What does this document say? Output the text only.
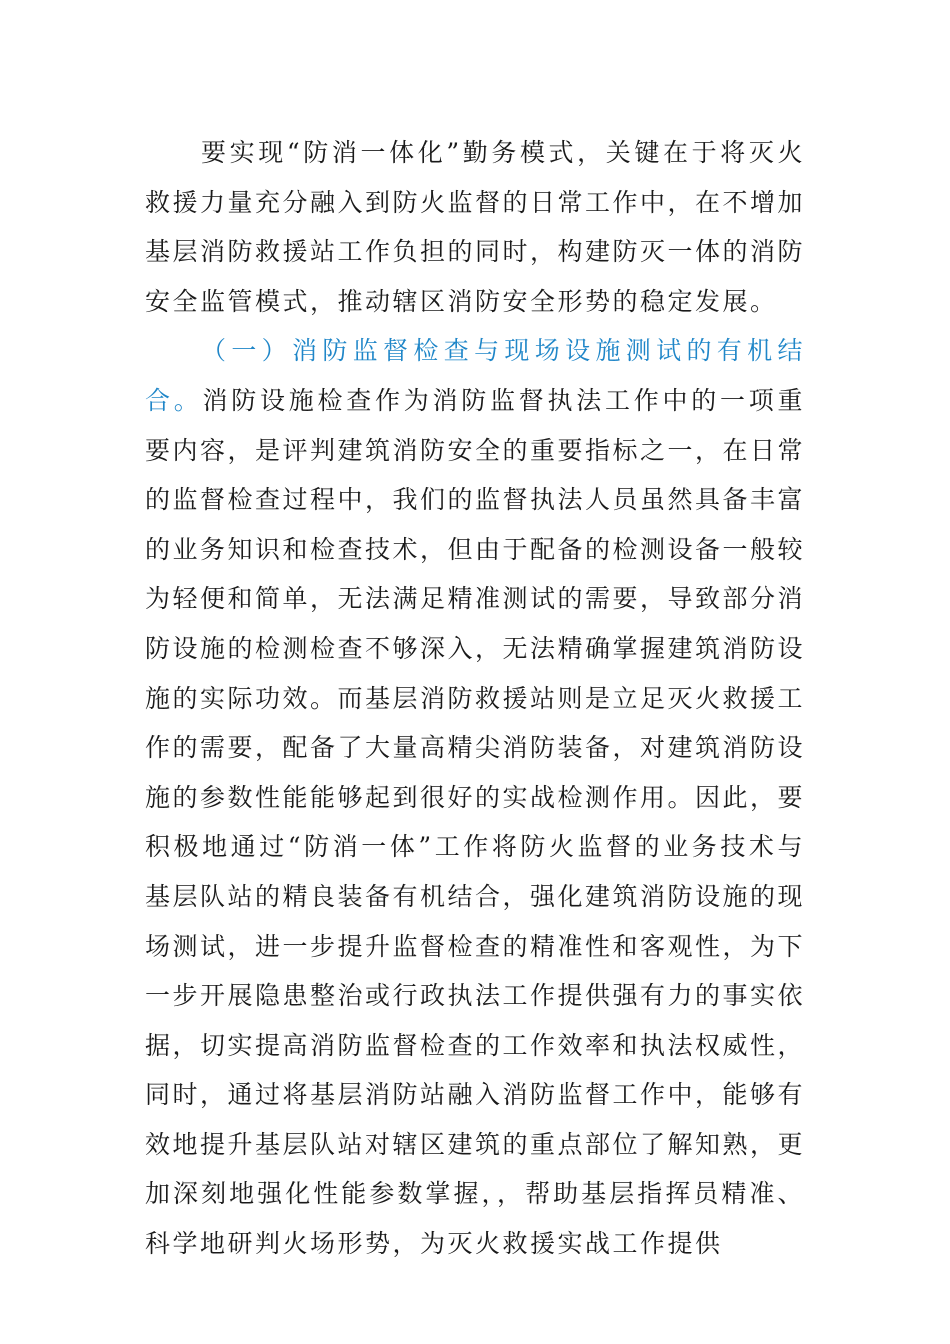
要实现“防消一体化”勤务模式，关键在于将灭火救援力量充分融入到防火监督的日常工作中，在不增加基层消防救援站工作负担的同时，构建防灭一体的消防安全监管模式，推动辖区消防安全形势的稳定发展。

（一）消防监督检查与现场设施测试的有机结合。消防设施检查作为消防监督执法工作中的一项重要内容，是评判建筑消防安全的重要指标之一，在日常的监督检查过程中，我们的监督执法人员虽然具备丰富的业务知识和检查技术，但由于配备的检测设备一般较为轻便和简单，无法满足精准测试的需要，导致部分消防设施的检测检查不够深入，无法精确掌握建筑消防设施的实际功效。而基层消防救援站则是立足灭火救援工作的需要，配备了大量高精尖消防装备，对建筑消防设施的参数性能能够起到很好的实战检测作用。因此，要积极地通过“防消一体”工作将防火监督的业务技术与基层队站的精良装备有机结合，强化建筑消防设施的现场测试，进一步提升监督检查的精准性和客观性，为下一步开展隐患整治或行政执法工作提供强有力的事实依据，切实提高消防监督检查的工作效率和执法权威性，同时，通过将基层消防站融入消防监督工作中，能够有效地提升基层队站对辖区建筑的重点部位了解知熟，更加深刻地强化性能参数掌握，，帮助基层指挥员精准、科学地研判火场形势，为灭火救援实战工作提供
